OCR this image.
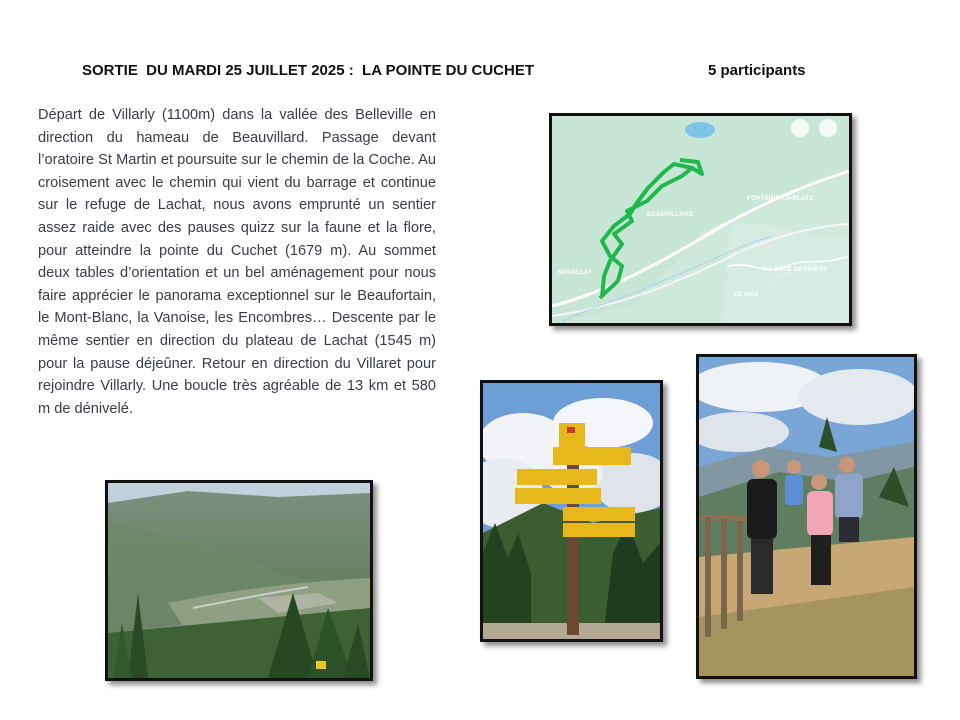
SORTIE  DU MARDI 25 JUILLET 2025 :  LA POINTE DU CUCHET	5 participants
Départ de Villarly (1100m) dans la vallée des Belleville en direction du hameau de Beauvillard. Passage devant l’oratoire St Martin et poursuite sur le chemin de la Coche. Au croisement avec le chemin qui vient du barrage et continue sur le refuge de Lachat, nous avons emprunté un sentier assez raide avec des pauses quizz sur la faune et la flore, pour atteindre la pointe du Cuchet (1679 m). Au sommet deux tables d’orientation et un bel aménagement pour nous faire apprécier le panorama exceptionnel sur le Beaufortain, le Mont-Blanc, la Vanoise, les Encombres… Descente par le même sentier en direction du plateau de Lachat (1545 m) pour la pause déjeûner. Retour en direction du Villaret pour rejoindre Villarly. Une boucle très agréable de 13 km et 580 m de dénivelé.
BEAUVILLARD
NOVALLAY	LA CÔTE DERRIÈRE
LE MAS
FONTAINE-LA-PLATE
